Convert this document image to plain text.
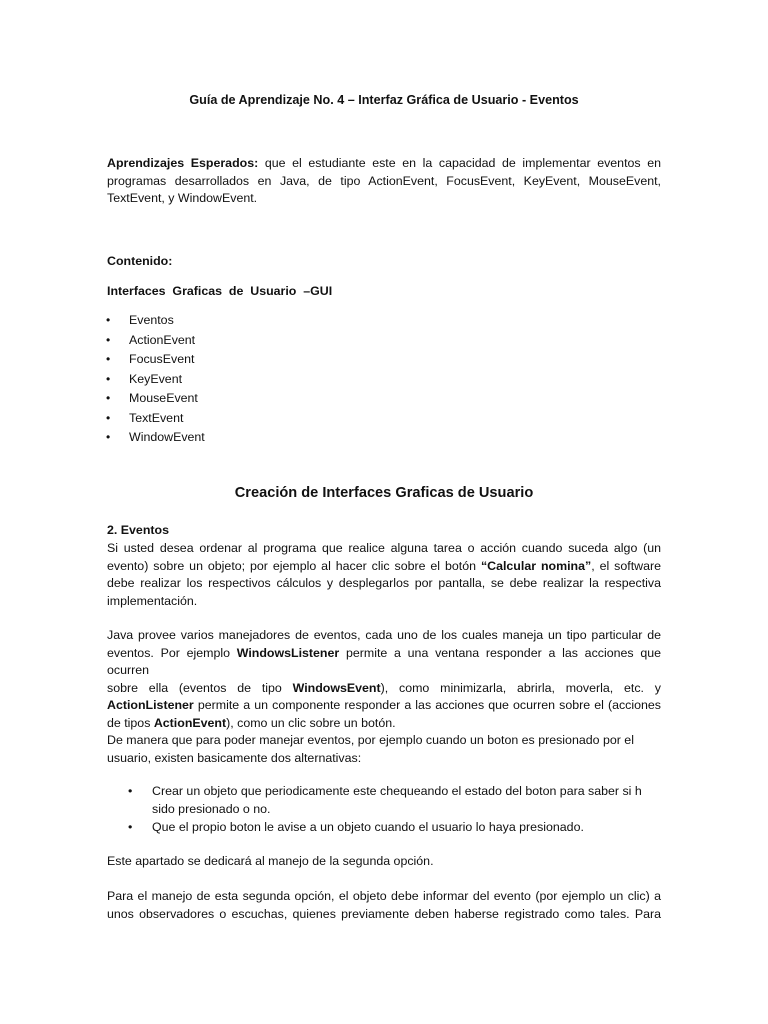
Guía de Aprendizaje No. 4 – Interfaz Gráfica de Usuario - Eventos
Aprendizajes Esperados: que el estudiante este en la capacidad de implementar eventos en
programas desarrollados en Java, de tipo ActionEvent, FocusEvent, KeyEvent, MouseEvent,
TextEvent, y WindowEvent.
Contenido:
Interfaces  Graficas  de  Usuario  –GUI
• Eventos
• ActionEvent
• FocusEvent
• KeyEvent
• MouseEvent
• TextEvent
• WindowEvent
Creación de Interfaces Graficas de Usuario
2. Eventos
Si usted desea ordenar al programa que realice alguna tarea o acción cuando suceda algo (un
evento) sobre un objeto; por ejemplo al hacer clic sobre el botón “Calcular nomina”, el software
debe realizar los respectivos cálculos y desplegarlos por pantalla, se debe realizar la respectiva
implementación.
Java provee varios manejadores de eventos, cada uno de los cuales maneja un tipo particular de
eventos. Por ejemplo WindowsListener permite a una ventana responder a las acciones que ocurren
sobre ella (eventos de tipo WindowsEvent), como minimizarla, abrirla, moverla, etc. y
ActionListener permite a un componente responder a las acciones que ocurren sobre el (acciones
de tipos ActionEvent), como un clic sobre un botón.
De manera que para poder manejar eventos, por ejemplo cuando un boton es presionado por el
usuario, existen basicamente dos alternativas:
• Crear un objeto que periodicamente este chequeando el estado del boton para saber si h
sido presionado o no.
• Que el propio boton le avise a un objeto cuando el usuario lo haya presionado.
Este apartado se dedicará al manejo de la segunda opción.
Para el manejo de esta segunda opción, el objeto debe informar del evento (por ejemplo un clic) a
unos observadores o escuchas, quienes previamente deben haberse registrado como tales. Para
